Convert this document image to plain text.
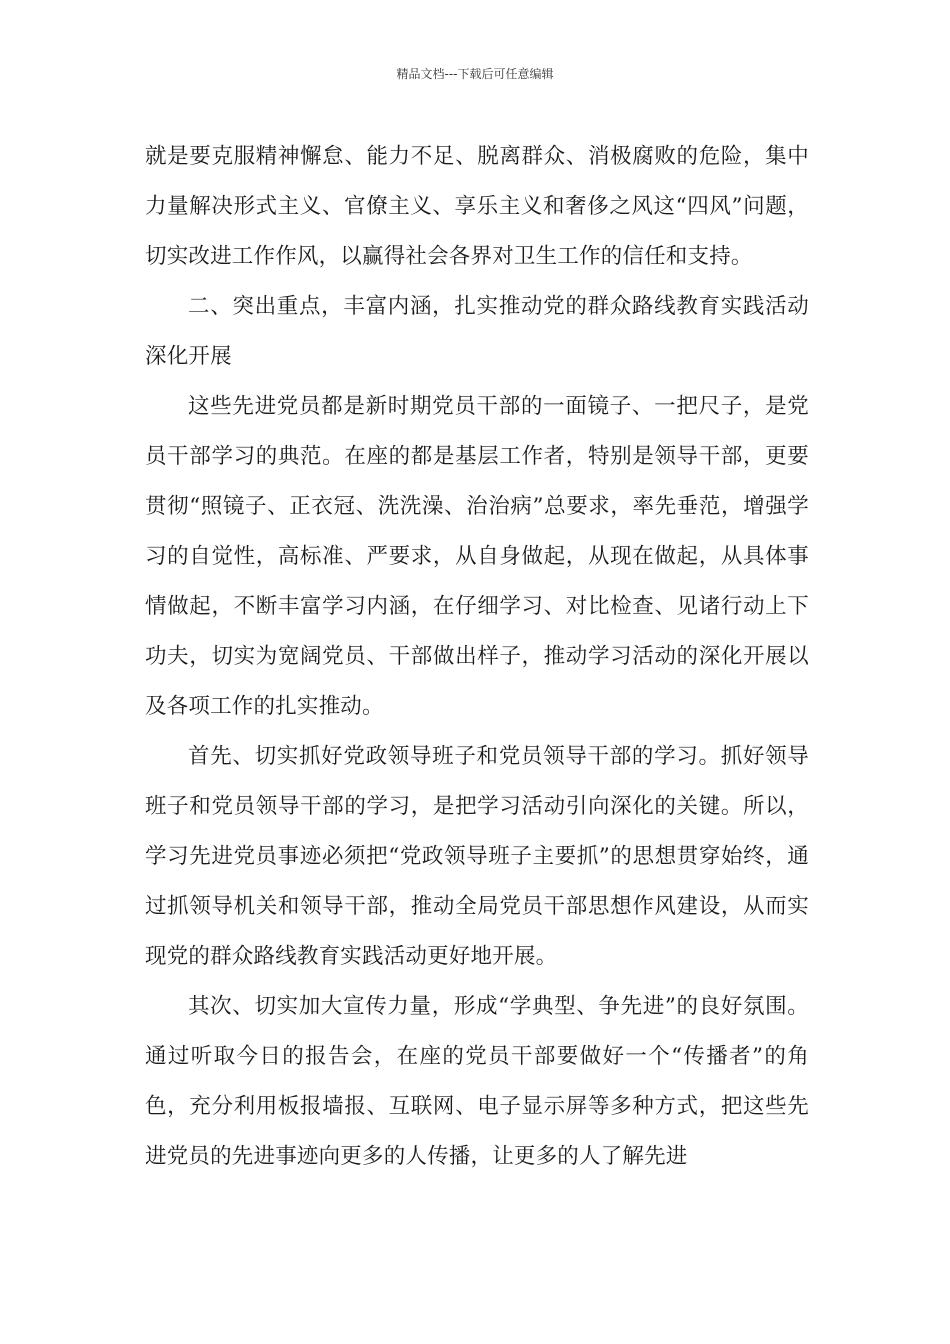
精品文档---下载后可任意编辑

就是要克服精神懈怠、能力不足、脱离群众、消极腐败的危险，集中力量解决形式主义、官僚主义、享乐主义和奢侈之风这“四风”问题，切实改进工作作风，以赢得社会各界对卫生工作的信任和支持。

二、突出重点，丰富内涵，扎实推动党的群众路线教育实践活动深化开展

这些先进党员都是新时期党员干部的一面镜子、一把尺子，是党员干部学习的典范。在座的都是基层工作者，特别是领导干部，更要贯彻“照镜子、正衣冠、洗洗澡、治治病”总要求，率先垂范，增强学习的自觉性，高标准、严要求，从自身做起，从现在做起，从具体事情做起，不断丰富学习内涵，在仔细学习、对比检查、见诸行动上下功夫，切实为宽阔党员、干部做出样子，推动学习活动的深化开展以及各项工作的扎实推动。

首先、切实抓好党政领导班子和党员领导干部的学习。抓好领导班子和党员领导干部的学习，是把学习活动引向深化的关键。所以，学习先进党员事迹必须把“党政领导班子主要抓”的思想贯穿始终，通过抓领导机关和领导干部，推动全局党员干部思想作风建设，从而实现党的群众路线教育实践活动更好地开展。

其次、切实加大宣传力量，形成“学典型、争先进”的良好氛围。通过听取今日的报告会，在座的党员干部要做好一个“传播者”的角色，充分利用板报墙报、互联网、电子显示屏等多种方式，把这些先进党员的先进事迹向更多的人传播，让更多的人了解先进
